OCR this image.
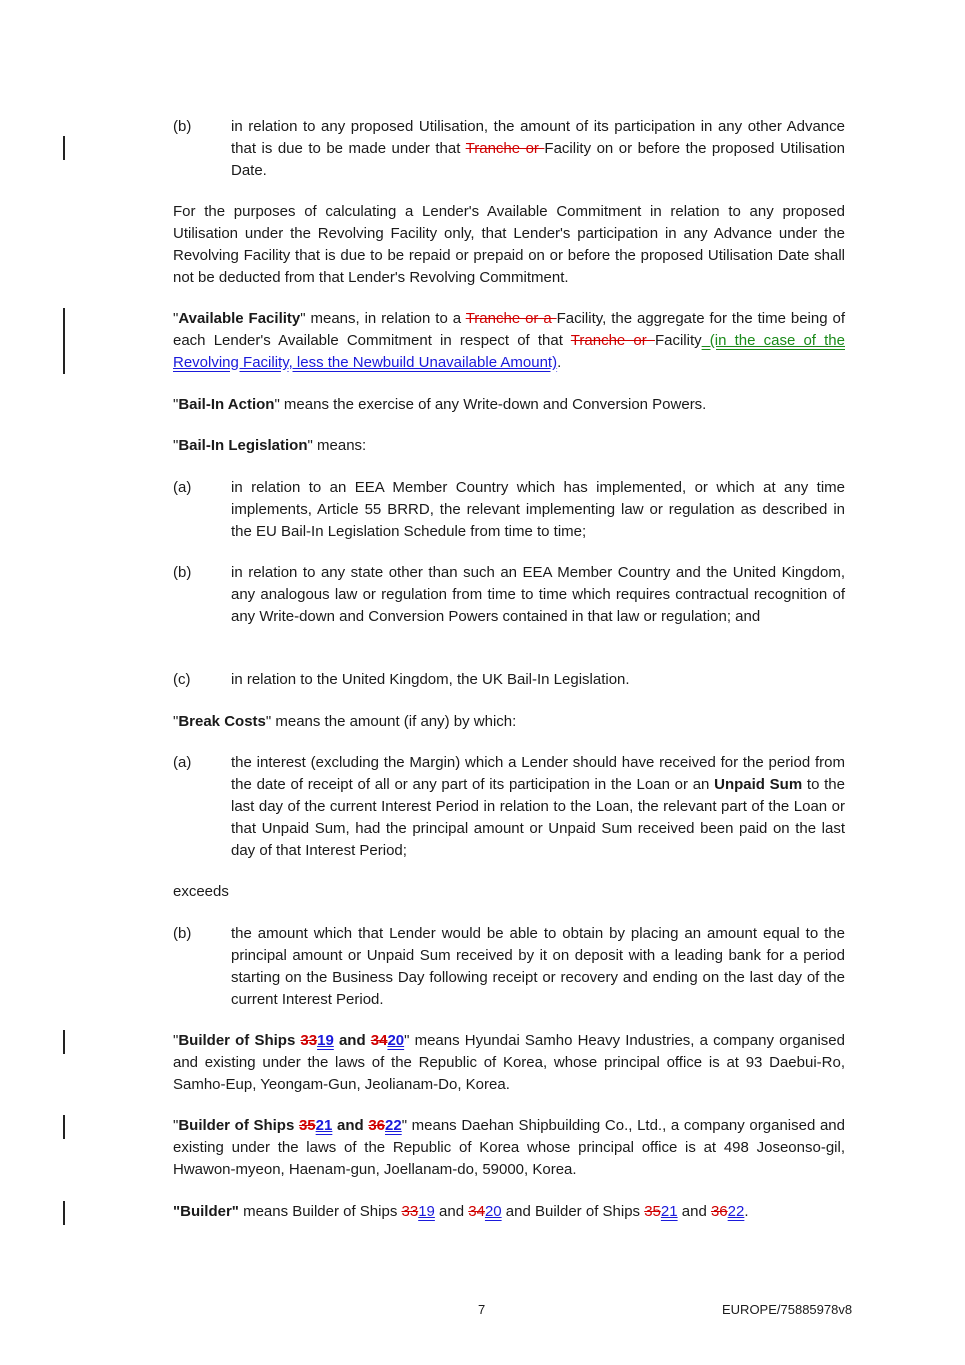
(b)	in relation to any proposed Utilisation, the amount of its participation in any other Advance that is due to be made under that Tranche or Facility on or before the proposed Utilisation Date.
For the purposes of calculating a Lender's Available Commitment in relation to any proposed Utilisation under the Revolving Facility only, that Lender's participation in any Advance under the Revolving Facility that is due to be repaid or prepaid on or before the proposed Utilisation Date shall not be deducted from that Lender's Revolving Commitment.
"Available Facility" means, in relation to a Tranche or a Facility, the aggregate for the time being of each Lender's Available Commitment in respect of that Tranche or Facility (in the case of the Revolving Facility, less the Newbuild Unavailable Amount).
"Bail-In Action" means the exercise of any Write-down and Conversion Powers.
"Bail-In Legislation" means:
(a)	in relation to an EEA Member Country which has implemented, or which at any time implements, Article 55 BRRD, the relevant implementing law or regulation as described in the EU Bail-In Legislation Schedule from time to time;
(b)	in relation to any state other than such an EEA Member Country and the United Kingdom, any analogous law or regulation from time to time which requires contractual recognition of any Write-down and Conversion Powers contained in that law or regulation; and
(c)	in relation to the United Kingdom, the UK Bail-In Legislation.
"Break Costs" means the amount (if any) by which:
(a)	the interest (excluding the Margin) which a Lender should have received for the period from the date of receipt of all or any part of its participation in the Loan or an Unpaid Sum to the last day of the current Interest Period in relation to the Loan, the relevant part of the Loan or that Unpaid Sum, had the principal amount or Unpaid Sum received been paid on the last day of that Interest Period;
exceeds
(b)	the amount which that Lender would be able to obtain by placing an amount equal to the principal amount or Unpaid Sum received by it on deposit with a leading bank for a period starting on the Business Day following receipt or recovery and ending on the last day of the current Interest Period.
"Builder of Ships 3319 and 3420" means Hyundai Samho Heavy Industries, a company organised and existing under the laws of the Republic of Korea, whose principal office is at 93 Daebui-Ro, Samho-Eup, Yeongam-Gun, Jeolianam-Do, Korea.
"Builder of Ships 3521 and 3622" means Daehan Shipbuilding Co., Ltd., a company organised and existing under the laws of the Republic of Korea whose principal office is at 498 Joseonso-gil, Hwawon-myeon, Haenam-gun, Joellanam-do, 59000, Korea.
"Builder" means Builder of Ships 3319 and 3420 and Builder of Ships 3521 and 3622.
7	EUROPE/75885978v8
